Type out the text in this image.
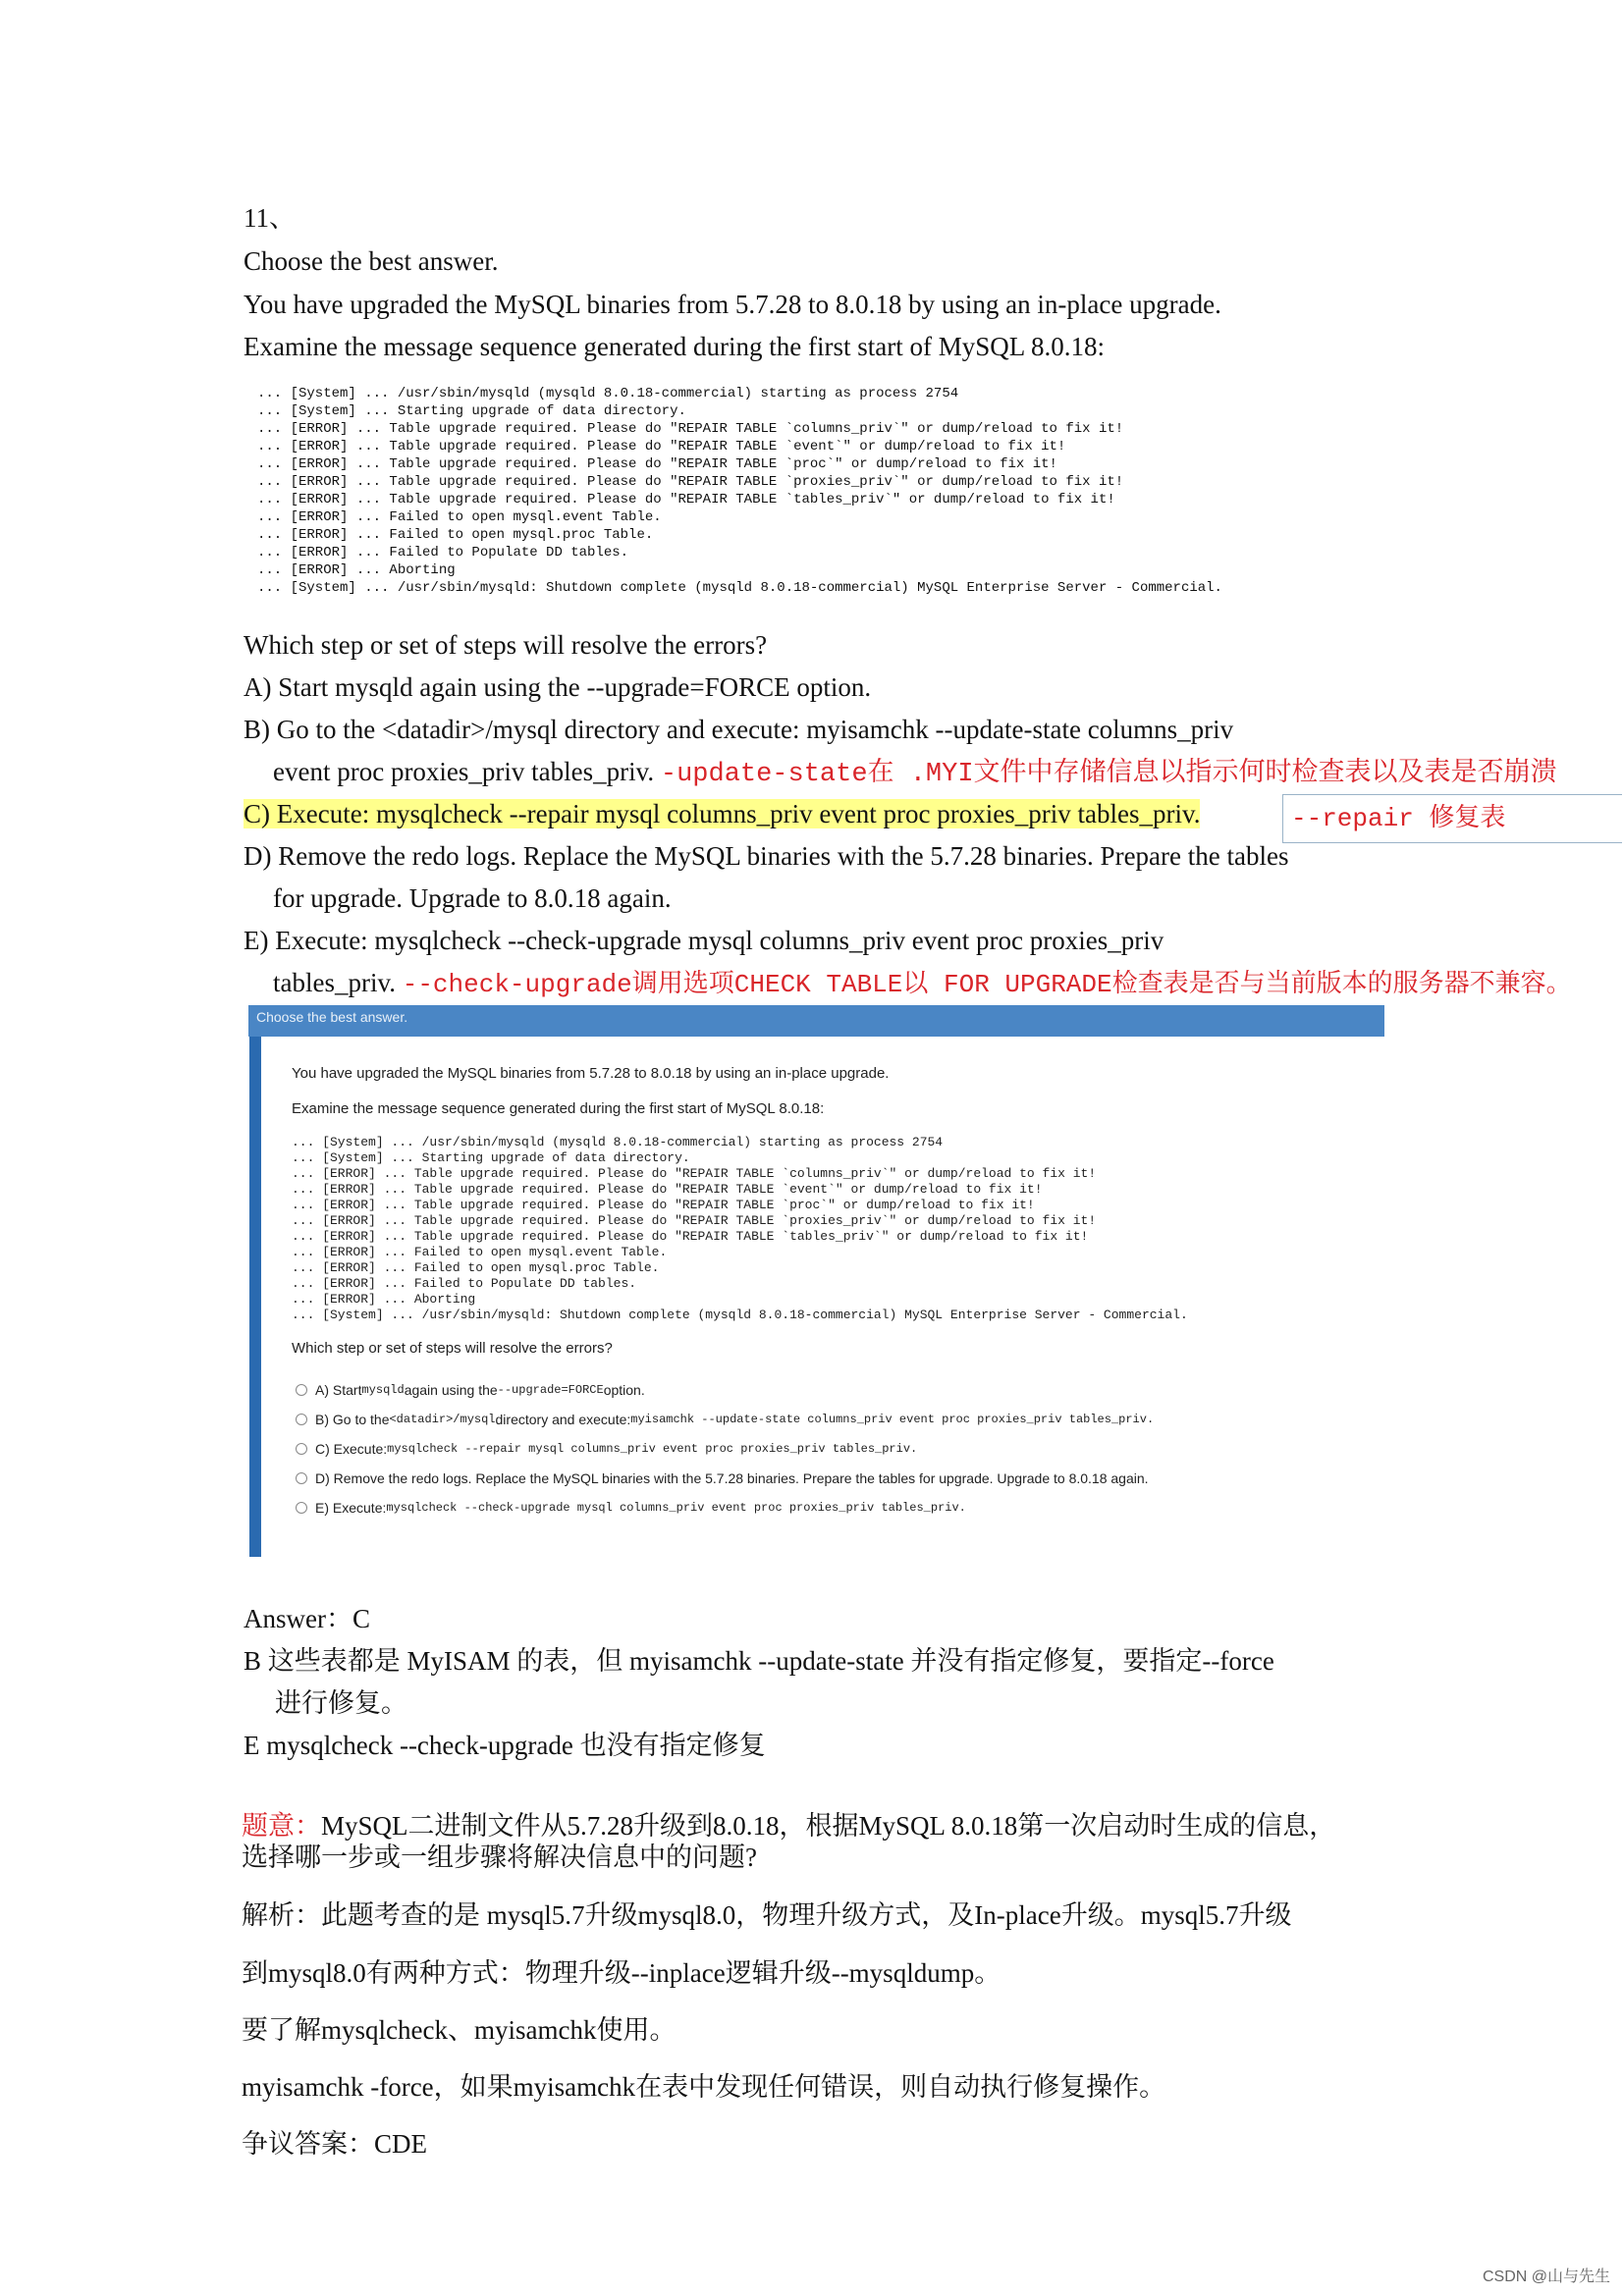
11、
Choose the best answer.
You have upgraded the MySQL binaries from 5.7.28 to 8.0.18 by using an in-place upgrade.
Examine the message sequence generated during the first start of MySQL 8.0.18:
... [System] ... /usr/sbin/mysqld (mysqld 8.0.18-commercial) starting as process 2754
... [System] ... Starting upgrade of data directory.
... [ERROR] ... Table upgrade required. Please do "REPAIR TABLE `columns_priv`" or dump/reload to fix it!
... [ERROR] ... Table upgrade required. Please do "REPAIR TABLE `event`" or dump/reload to fix it!
... [ERROR] ... Table upgrade required. Please do "REPAIR TABLE `proc`" or dump/reload to fix it!
... [ERROR] ... Table upgrade required. Please do "REPAIR TABLE `proxies_priv`" or dump/reload to fix it!
... [ERROR] ... Table upgrade required. Please do "REPAIR TABLE `tables_priv`" or dump/reload to fix it!
... [ERROR] ... Failed to open mysql.event Table.
... [ERROR] ... Failed to open mysql.proc Table.
... [ERROR] ... Failed to Populate DD tables.
... [ERROR] ... Aborting
... [System] ... /usr/sbin/mysqld: Shutdown complete (mysqld 8.0.18-commercial) MySQL Enterprise Server - Commercial.
Which step or set of steps will resolve the errors?
A) Start mysqld again using the --upgrade=FORCE option.
B) Go to the <datadir>/mysql directory and execute: myisamchk --update-state columns_priv
event proc proxies_priv tables_priv. -update-state在 .MYI文件中存储信息以指示何时检查表以及表是否崩溃
C) Execute: mysqlcheck --repair mysql columns_priv event proc proxies_priv tables_priv.	--repair 修复表
D) Remove the redo logs. Replace the MySQL binaries with the 5.7.28 binaries. Prepare the tables
for upgrade. Upgrade to 8.0.18 again.
E) Execute: mysqlcheck --check-upgrade mysql columns_priv event proc proxies_priv
tables_priv. --check-upgrade调用选项CHECK TABLE以 FOR UPGRADE检查表是否与当前版本的服务器不兼容。
Choose the best answer.
You have upgraded the MySQL binaries from 5.7.28 to 8.0.18 by using an in-place upgrade.
Examine the message sequence generated during the first start of MySQL 8.0.18:
... [System] ... /usr/sbin/mysqld (mysqld 8.0.18-commercial) starting as process 2754
... [System] ... Starting upgrade of data directory.
... [ERROR] ... Table upgrade required. Please do "REPAIR TABLE `columns_priv`" or dump/reload to fix it!
... [ERROR] ... Table upgrade required. Please do "REPAIR TABLE `event`" or dump/reload to fix it!
... [ERROR] ... Table upgrade required. Please do "REPAIR TABLE `proc`" or dump/reload to fix it!
... [ERROR] ... Table upgrade required. Please do "REPAIR TABLE `proxies_priv`" or dump/reload to fix it!
... [ERROR] ... Table upgrade required. Please do "REPAIR TABLE `tables_priv`" or dump/reload to fix it!
... [ERROR] ... Failed to open mysql.event Table.
... [ERROR] ... Failed to open mysql.proc Table.
... [ERROR] ... Failed to Populate DD tables.
... [ERROR] ... Aborting
... [System] ... /usr/sbin/mysqld: Shutdown complete (mysqld 8.0.18-commercial) MySQL Enterprise Server - Commercial.
Which step or set of steps will resolve the errors?
A) Start mysqld again using the --upgrade=FORCE option.
B) Go to the <datadir>/mysql directory and execute: myisamchk --update-state columns_priv event proc proxies_priv tables_priv.
C) Execute: mysqlcheck --repair mysql columns_priv event proc proxies_priv tables_priv.
D) Remove the redo logs. Replace the MySQL binaries with the 5.7.28 binaries. Prepare the tables for upgrade. Upgrade to 8.0.18 again.
E) Execute: mysqlcheck --check-upgrade mysql columns_priv event proc proxies_priv tables_priv.
Answer：C
B 这些表都是 MyISAM 的表，但 myisamchk --update-state 并没有指定修复，要指定--force
进行修复。
E mysqlcheck --check-upgrade 也没有指定修复
题意：MySQL二进制文件从5.7.28升级到8.0.18，根据MySQL 8.0.18第一次启动时生成的信息，
选择哪一步或一组步骤将解决信息中的问题?
解析：此题考查的是 mysql5.7升级mysql8.0，物理升级方式，及In-place升级。mysql5.7升级
到mysql8.0有两种方式：物理升级--inplace逻辑升级--mysqldump。
要了解mysqlcheck、myisamchk使用。
myisamchk -force，如果myisamchk在表中发现任何错误，则自动执行修复操作。
争议答案：CDE
CSDN @山与先生
